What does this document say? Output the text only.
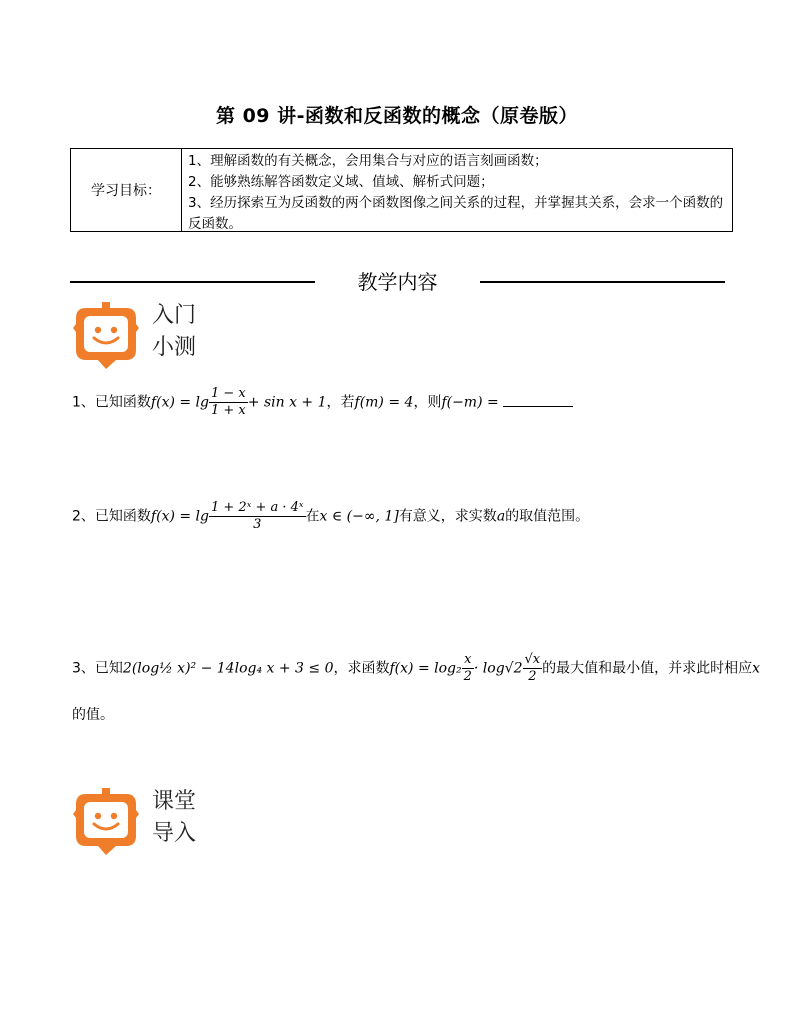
第 09 讲-函数和反函数的概念（原卷版）
学习目标：
1、理解函数的有关概念，会用集合与对应的语言刻画函数；
2、能够熟练解答函数定义域、值域、解析式问题；
3、经历探索互为反函数的两个函数图像之间关系的过程，并掌握其关系，会求一个函数的反函数。
教学内容
入门
小测
1、已知函数$f(x) = \lg \frac{1 - x}{1 + x} + \sin x + 1$，若f(m) = 4，则f(−m) =
2、已知函数$f(x) = \lg \frac{\text{1 + 2ˣ + a · 4ˣ}}{3}$ 在x ∈ (−∞, 1]有意义，求实数a的取值范围。
3、已知2(log½ x)² − 14log₄ x + 3 ≤ 0，求函数$f(x) = \log_2 \frac{x}{2} \cdot \log√2 \frac{√x}{2}$ 的最大值和最小值，并求此时相应x
的值。
课堂
导入
